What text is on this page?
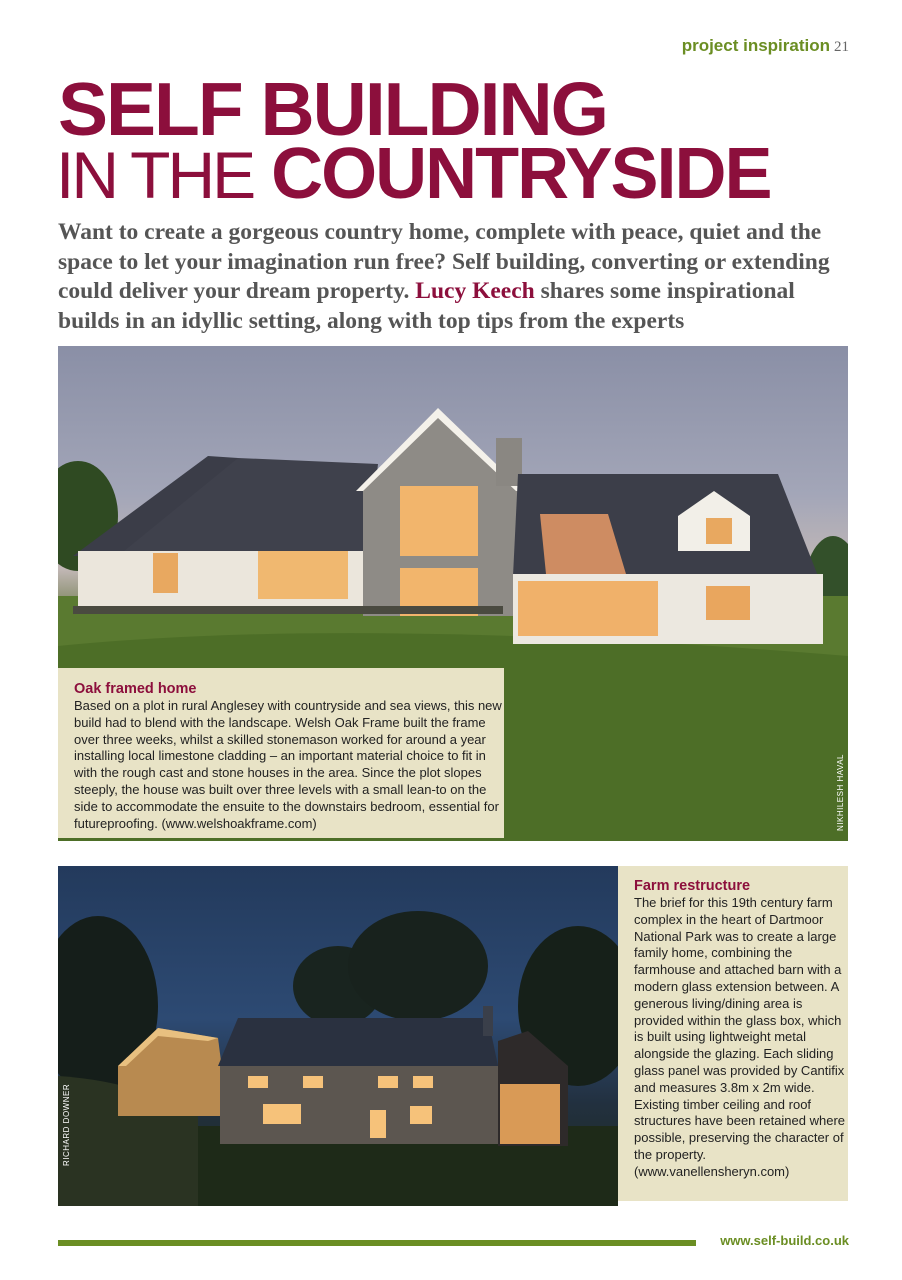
project inspiration 21
SELF BUILDING
IN THE COUNTRYSIDE
Want to create a gorgeous country home, complete with peace, quiet and the space to let your imagination run free? Self building, converting or extending could deliver your dream property. Lucy Keech shares some inspirational builds in an idyllic setting, along with top tips from the experts
NIKHILESH HAVAL
Oak framed home
Based on a plot in rural Anglesey with countryside and sea views, this new build had to blend with the landscape. Welsh Oak Frame built the frame over three weeks, whilst a skilled stonemason worked for around a year installing local limestone cladding – an important material choice to fit in with the rough cast and stone houses in the area. Since the plot slopes steeply, the house was built over three levels with a small lean-to on the side to accommodate the ensuite to the downstairs bedroom, essential for futureproofing. (www.welshoakframe.com)
RICHARD DOWNER
Farm restructure
The brief for this 19th century farm complex in the heart of Dartmoor National Park was to create a large family home, combining the farmhouse and attached barn with a modern glass extension between. A generous living/dining area is provided within the glass box, which is built using lightweight metal alongside the glazing. Each sliding glass panel was provided by Cantifix and measures 3.8m x 2m wide. Existing timber ceiling and roof structures have been retained where possible, preserving the character of the property. (www.vanellensheryn.com)
www.self-build.co.uk
